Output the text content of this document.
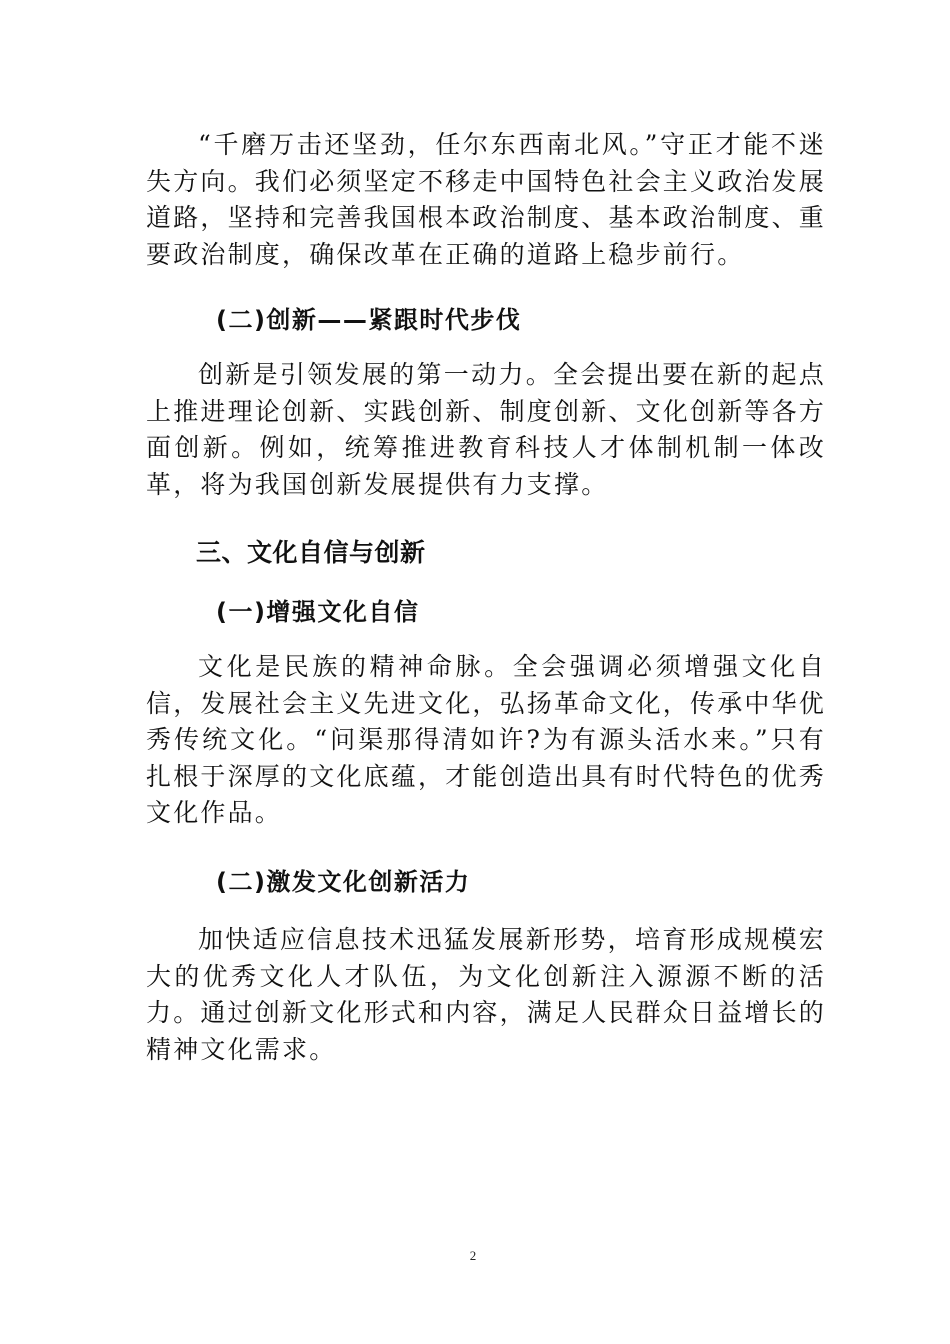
“千磨万击还坚劲，任尔东西南北风。”守正才能不迷失方向。我们必须坚定不移走中国特色社会主义政治发展道路，坚持和完善我国根本政治制度、基本政治制度、重要政治制度，确保改革在正确的道路上稳步前行。

(二)创新——紧跟时代步伐

创新是引领发展的第一动力。全会提出要在新的起点上推进理论创新、实践创新、制度创新、文化创新等各方面创新。例如，统筹推进教育科技人才体制机制一体改革，将为我国创新发展提供有力支撑。

三、文化自信与创新
(一)增强文化自信

文化是民族的精神命脉。全会强调必须增强文化自信，发展社会主义先进文化，弘扬革命文化，传承中华优秀传统文化。“问渠那得清如许?为有源头活水来。”只有扎根于深厚的文化底蕴，才能创造出具有时代特色的优秀文化作品。

(二)激发文化创新活力

加快适应信息技术迅猛发展新形势，培育形成规模宏大的优秀文化人才队伍，为文化创新注入源源不断的活力。通过创新文化形式和内容，满足人民群众日益增长的精神文化需求。

2
